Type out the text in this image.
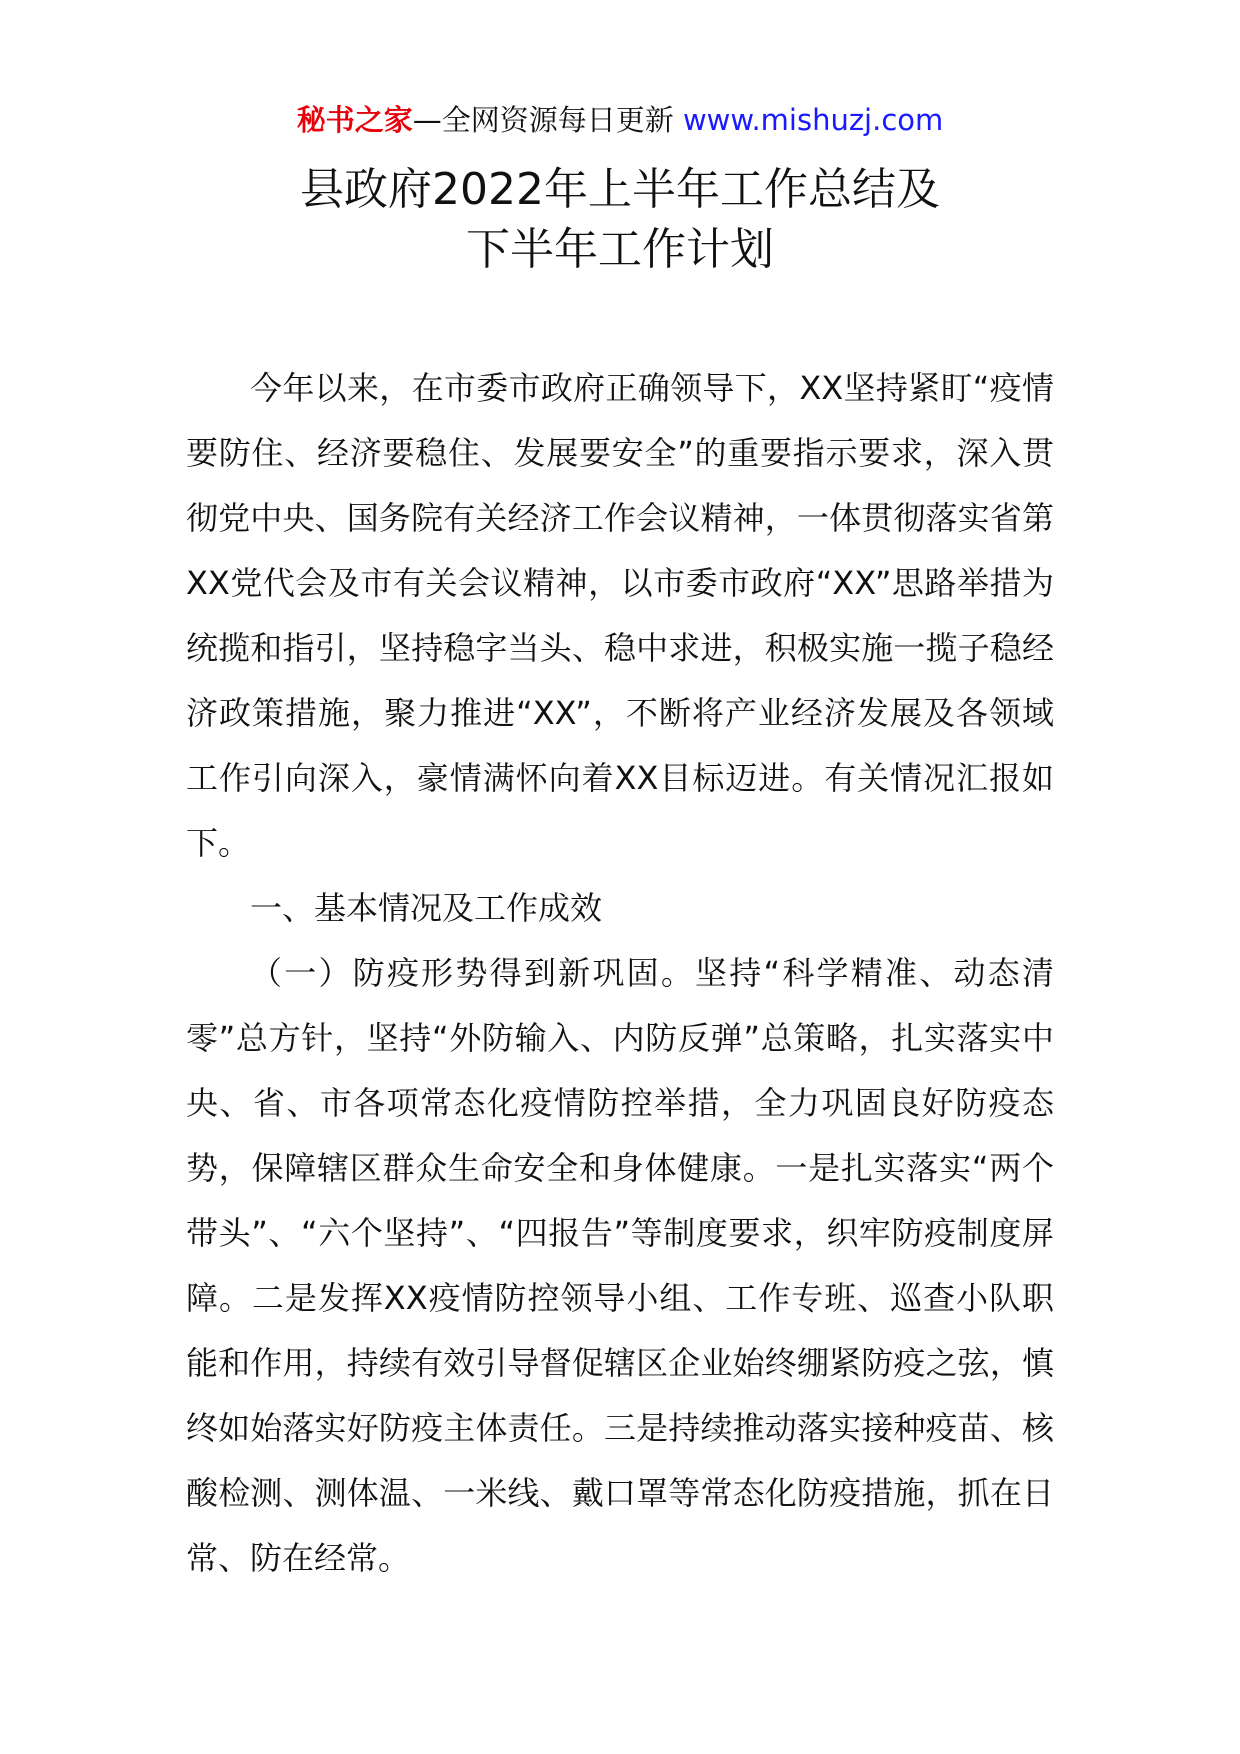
秘书之家—全网资源每日更新 www.mishuzj.com
县政府2022年上半年工作总结及
下半年工作计划

今年以来，在市委市政府正确领导下，XX坚持紧盯“疫情要防住、经济要稳住、发展要安全”的重要指示要求，深入贯彻党中央、国务院有关经济工作会议精神，一体贯彻落实省第XX党代会及市有关会议精神，以市委市政府“XX”思路举措为统揽和指引，坚持稳字当头、稳中求进，积极实施一揽子稳经济政策措施，聚力推进“XX”，不断将产业经济发展及各领域工作引向深入，豪情满怀向着XX目标迈进。有关情况汇报如下。

一、基本情况及工作成效

（一）防疫形势得到新巩固。坚持“科学精准、动态清零”总方针，坚持“外防输入、内防反弹”总策略，扎实落实中央、省、市各项常态化疫情防控举措，全力巩固良好防疫态势，保障辖区群众生命安全和身体健康。一是扎实落实“两个带头”、“六个坚持”、“四报告”等制度要求，织牢防疫制度屏障。二是发挥XX疫情防控领导小组、工作专班、巡查小队职能和作用，持续有效引导督促辖区企业始终绷紧防疫之弦，慎终如始落实好防疫主体责任。三是持续推动落实接种疫苗、核酸检测、测体温、一米线、戴口罩等常态化防疫措施，抓在日常、防在经常。
